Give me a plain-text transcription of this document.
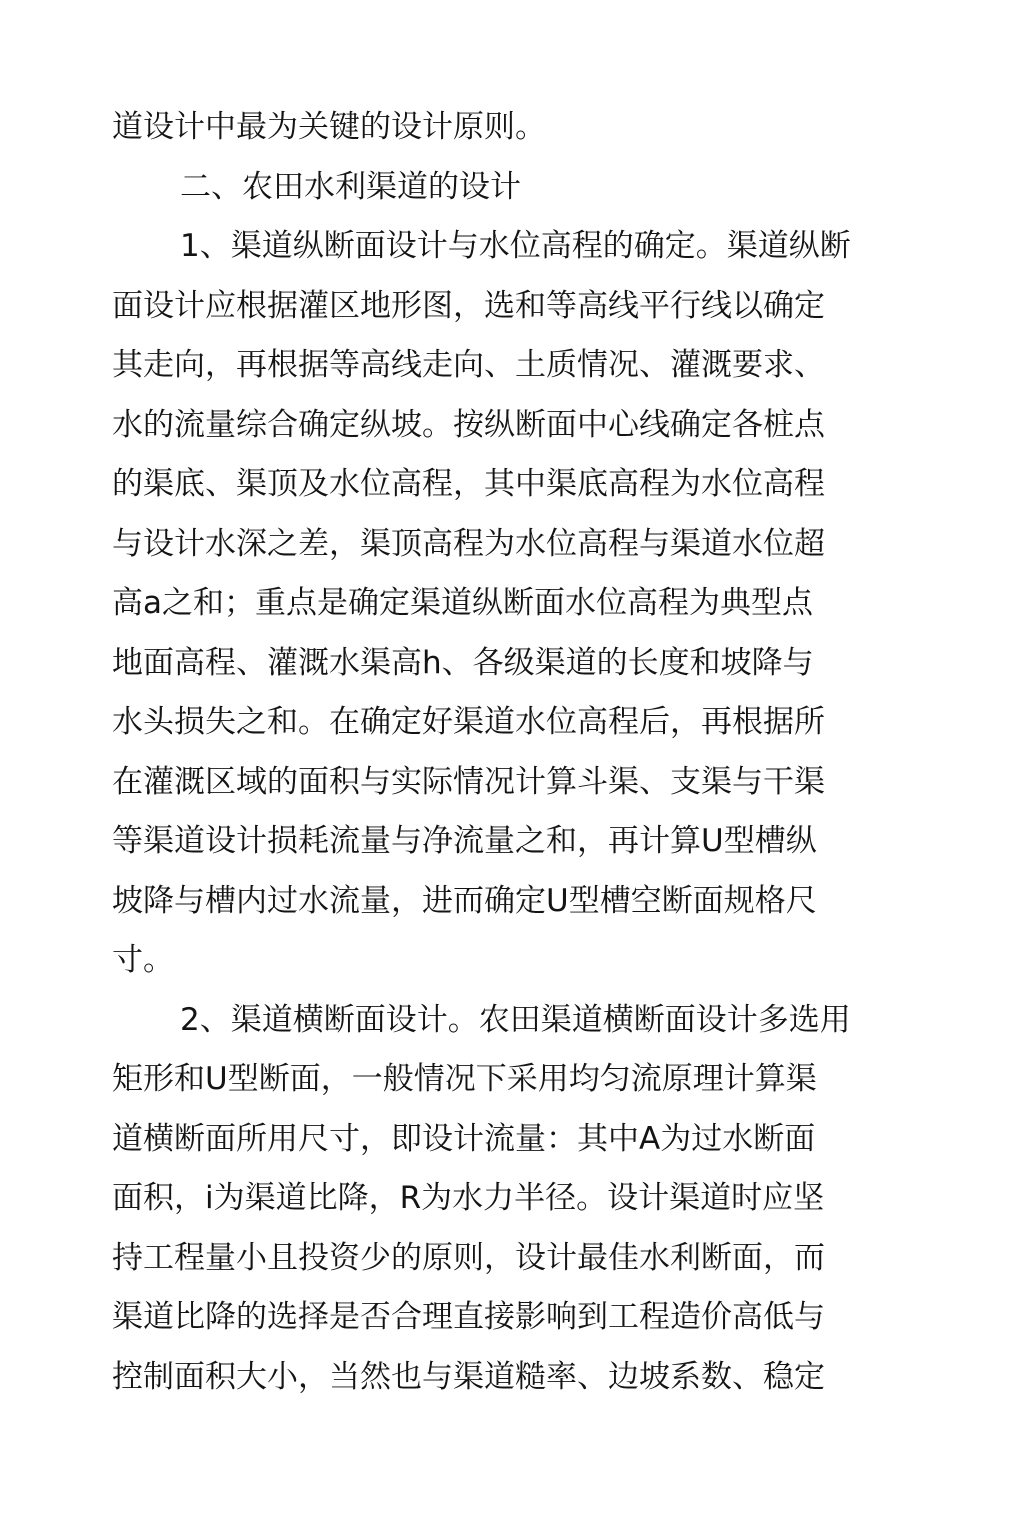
道设计中最为关键的设计原则。
二、农田水利渠道的设计
1、渠道纵断面设计与水位高程的确定。渠道纵断
面设计应根据灌区地形图，选和等高线平行线以确定
其走向，再根据等高线走向、土质情况、灌溉要求、
水的流量综合确定纵坡。按纵断面中心线确定各桩点
的渠底、渠顶及水位高程，其中渠底高程为水位高程
与设计水深之差，渠顶高程为水位高程与渠道水位超
高a之和；重点是确定渠道纵断面水位高程为典型点
地面高程、灌溉水渠高h、各级渠道的长度和坡降与
水头损失之和。在确定好渠道水位高程后，再根据所
在灌溉区域的面积与实际情况计算斗渠、支渠与干渠
等渠道设计损耗流量与净流量之和，再计算U型槽纵
坡降与槽内过水流量，进而确定U型槽空断面规格尺
寸。
2、渠道横断面设计。农田渠道横断面设计多选用
矩形和U型断面，一般情况下采用均匀流原理计算渠
道横断面所用尺寸，即设计流量：其中A为过水断面
面积，i为渠道比降，R为水力半径。设计渠道时应坚
持工程量小且投资少的原则，设计最佳水利断面，而
渠道比降的选择是否合理直接影响到工程造价高低与
控制面积大小，当然也与渠道糙率、边坡系数、稳定
